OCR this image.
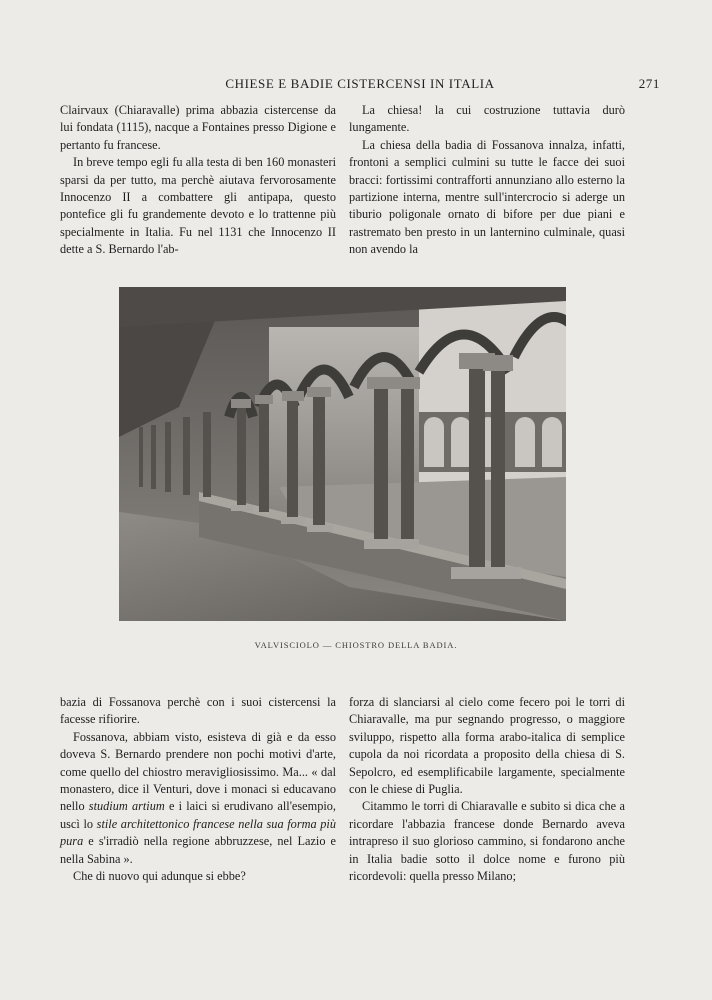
CHIESE E BADIE CISTERCENSI IN ITALIA	271

Clairvaux (Chiaravalle) prima abbazia cistercense da lui fondata (1115), nacque a Fontaines presso Digione e pertanto fu francese.

In breve tempo egli fu alla testa di ben 160 monasteri sparsi da per tutto, ma perchè aiutava fervorosamente Innocenzo II a combattere gli antipapa, questo pontefice gli fu grandemente devoto e lo trattenne più specialmente in Italia. Fu nel 1131 che Innocenzo II dette a S. Bernardo l'ab-

La chiesa! la cui costruzione tuttavia durò lungamente.

La chiesa della badia di Fossanova innalza, infatti, frontoni a semplici culmini su tutte le facce dei suoi bracci: fortissimi contrafforti annunziano allo esterno la partizione interna, mentre sull'intercrocio si aderge un tiburio poligonale ornato di bifore per due piani e rastremato ben presto in un lanternino culminale, quasi non avendo la

VALVISCIOLO — CHIOSTRO DELLA BADIA.

bazia di Fossanova perchè con i suoi cistercensi la facesse rifiorire.

Fossanova, abbiam visto, esisteva di già e da esso doveva S. Bernardo prendere non pochi motivi d'arte, come quello del chiostro meravigliosissimo. Ma... « dal monastero, dice il Venturi, dove i monaci si educavano nello studium artium e i laici si erudivano all'esempio, uscì lo stile architettonico francese nella sua forma più pura e s'irradiò nella regione abbruzzese, nel Lazio e nella Sabina ».

Che di nuovo qui adunque si ebbe?

forza di slanciarsi al cielo come fecero poi le torri di Chiaravalle, ma pur segnando progresso, o maggiore sviluppo, rispetto alla forma arabo-italica di semplice cupola da noi ricordata a proposito della chiesa di S. Sepolcro, ed esemplificabile largamente, specialmente con le chiese di Puglia.

Citammo le torri di Chiaravalle e subito si dica che a ricordare l'abbazia francese donde Bernardo aveva intrapreso il suo glorioso cammino, si fondarono anche in Italia badie sotto il dolce nome e furono più ricordevoli: quella presso Milano;
